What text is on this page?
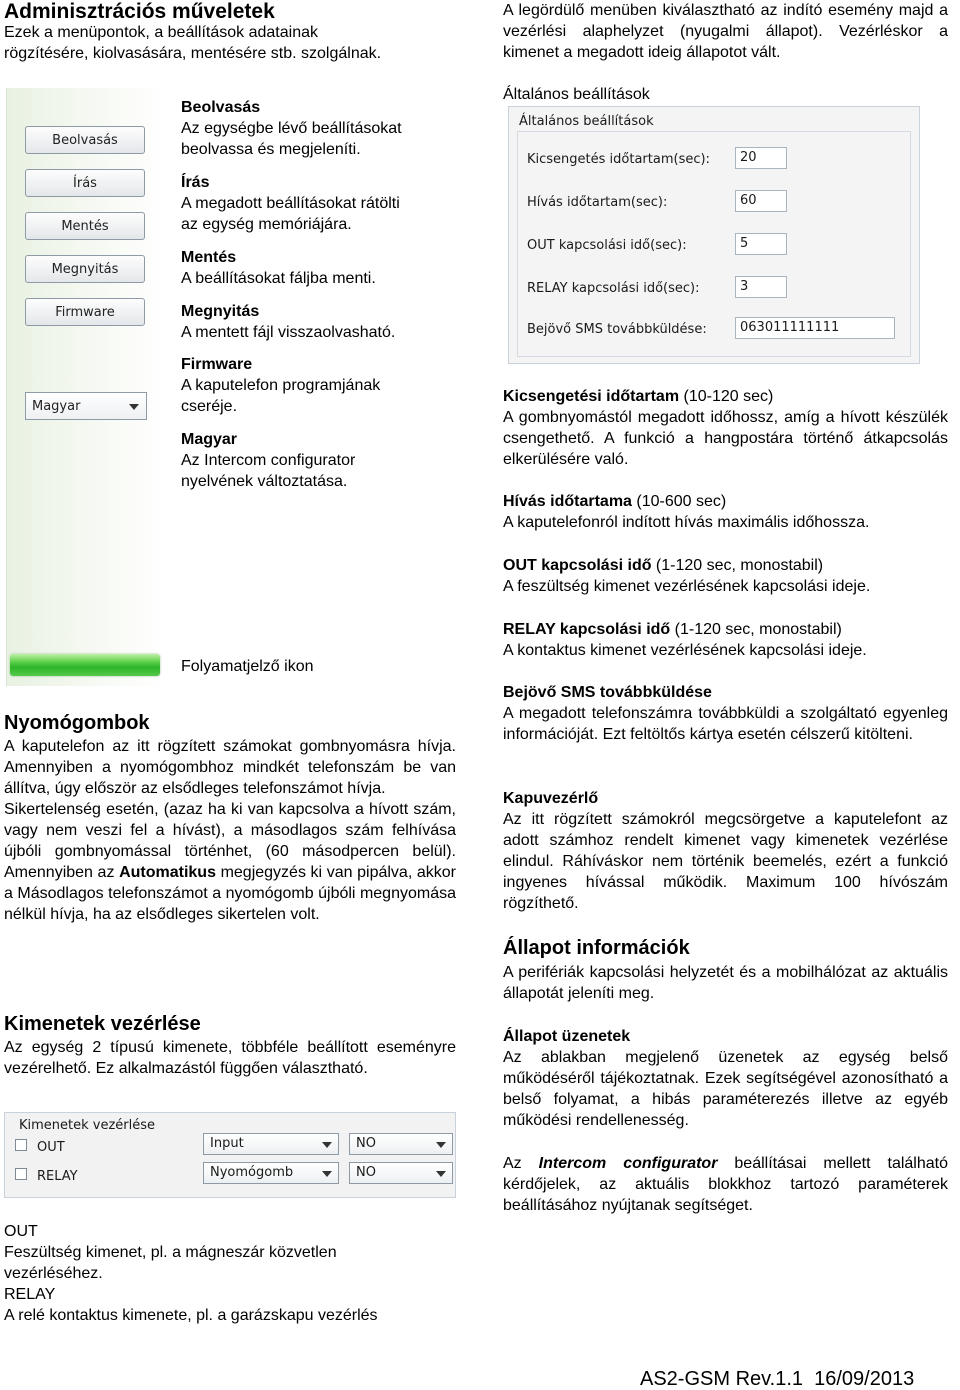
Adminisztrációs műveletek
Ezek a menüpontok, a beállítások adatainak
rögzítésére, kiolvasására, mentésére stb. szolgálnak.
Beolvasás
Írás
Mentés
Megnyitás
Firmware
Magyar
Beolvasás
Az egységbe lévő beállításokat
beolvassa és megjeleníti.
Írás
A megadott beállításokat rátölti
az egység memóriájára.
Mentés
A beállításokat fáljba menti.
Megnyitás
A mentett fájl visszaolvasható.
Firmware
A kaputelefon programjának
cseréje.
Magyar
Az Intercom configurator
nyelvének változtatása.
Folyamatjelző ikon
Nyomógombok

A kaputelefon az itt rögzített számokat gombnyomásra hívja. Amennyiben a nyomógombhoz mindkét telefonszám be van állítva, úgy először az elsődleges telefonszámot hívja.

Sikertelenség esetén, (azaz ha ki van kapcsolva a hívott szám, vagy nem veszi fel a hívást), a másodlagos szám felhívása újbóli gombnyomással történhet, (60 másodpercen belül). Amennyiben az Automatikus megjegyzés ki van pipálva, akkor a Másodlagos telefonszámot a nyomógomb újbóli megnyomása nélkül hívja, ha az elsődleges sikertelen volt.

Kimenetek vezérlése
Az egység 2 típusú kimenete, többféle beállított eseményre vezérelhető. Ez alkalmazástól függően választható.
Kimenetek vezérlése
OUT	Input	NO
RELAY	Nyomógomb	NO
OUT
Feszültség kimenet, pl. a mágneszár közvetlen
vezérléséhez.
RELAY
A relé kontaktus kimenete, pl. a garázskapu vezérlés
A legördülő menüben kiválasztható az indító esemény majd a vezérlési alaphelyzet (nyugalmi állapot). Vezérléskor a kimenet a megadott ideig állapotot vált.
Általános beállítások
Általános beállítások
Kicsengetés időtartam(sec):	20
Hívás időtartam(sec):	60
OUT kapcsolási idő(sec):	5
RELAY kapcsolási idő(sec):	3
Bejövő SMS továbbküldése:	063011111111
Kicsengetési időtartam (10-120 sec)

A gombnyomástól megadott időhossz, amíg a hívott készülék csengethető. A funkció a hangpostára történő átkapcsolás elkerülésére való.

Hívás időtartama (10-600 sec)

A kaputelefonról indított hívás maximális időhossza.

OUT kapcsolási idő (1-120 sec, monostabil)

A feszültség kimenet vezérlésének kapcsolási ideje.

RELAY kapcsolási idő (1-120 sec, monostabil)

A kontaktus kimenet vezérlésének kapcsolási ideje.

Bejövő SMS továbbküldése

A megadott telefonszámra továbbküldi a szolgáltató egyenleg információját. Ezt feltöltős kártya esetén célszerű kitölteni.

Kapuvezérlő

Az itt rögzített számokról megcsörgetve a kaputelefont az adott számhoz rendelt kimenet vagy kimenetek vezérlése elindul. Ráhíváskor nem történik beemelés, ezért a funkció ingyenes hívással működik. Maximum 100 hívószám rögzíthető.

Állapot információk
A perifériák kapcsolási helyzetét és a mobilhálózat az aktuális állapotát jeleníti meg.
Állapot üzenetek

Az ablakban megjelenő üzenetek az egység belső működéséről tájékoztatnak. Ezek segítségével azonosítható a belső folyamat, a hibás paraméterezés illetve az egyéb működési rendellenesség.

Az Intercom configurator beállításai mellett található kérdőjelek, az aktuális blokkhoz tartozó paraméterek beállításához nyújtanak segítséget.
AS2-GSM Rev.1.1  16/09/2013
